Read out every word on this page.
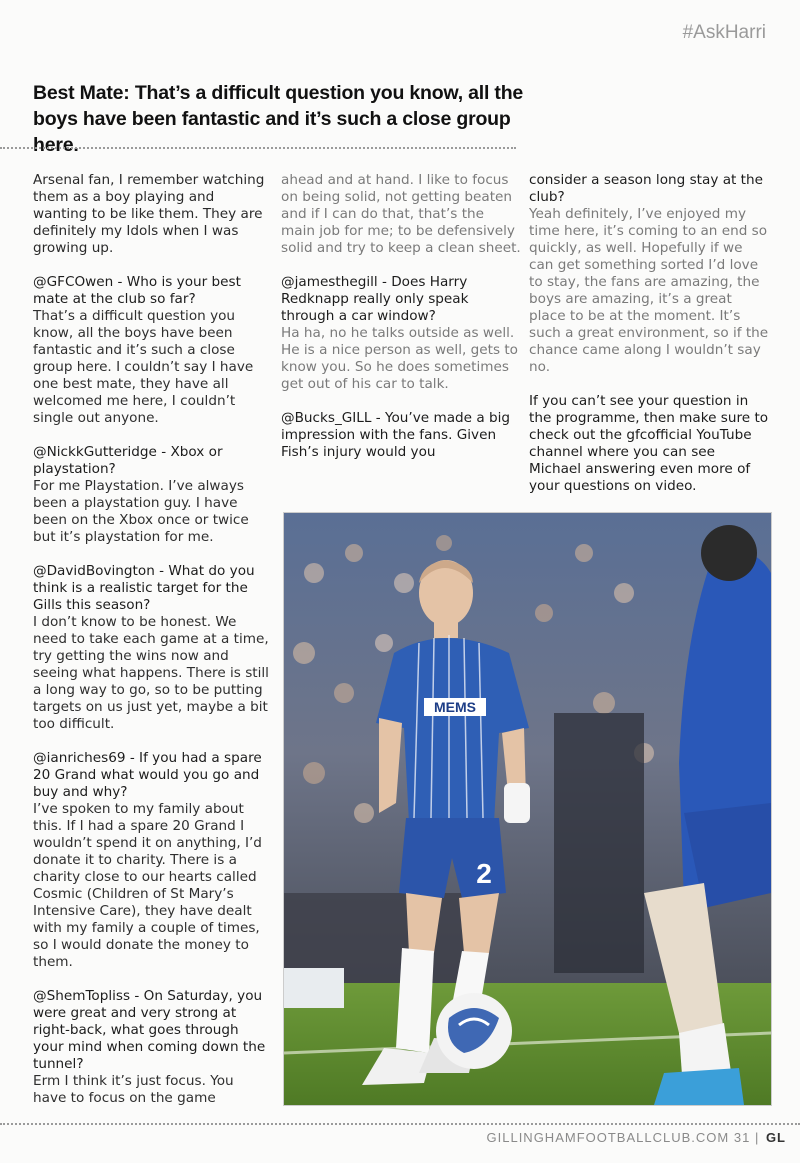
#AskHarri
Best Mate: That’s a difficult question you know, all the boys have been fantastic and it’s such a close group here.

Arsenal fan, I remember watching them as a boy playing and wanting to be like them. They are definitely my Idols when I was growing up.

@GFCOwen - Who is your best mate at the club so far?
That’s a difficult question you know, all the boys have been fantastic and it’s such a close group here. I couldn’t say I have one best mate, they have all welcomed me here, I couldn’t single out anyone.

@NickkGutteridge - Xbox or playstation?
For me Playstation. I’ve always been a playstation guy. I have been on the Xbox once or twice but it’s playstation for me.

@DavidBovington - What do you think is a realistic target for the Gills this season?
I don’t know to be honest. We need to take each game at a time, try getting the wins now and seeing what happens. There is still a long way to go, so to be putting targets on us just yet, maybe a bit too difficult.

@ianriches69 - If you had a spare 20 Grand what would you go and buy and why?
I’ve spoken to my family about this. If I had a spare 20 Grand I wouldn’t spend it on anything, I’d donate it to charity. There is a charity close to our hearts called Cosmic (Children of St Mary’s Intensive Care), they have dealt with my family a couple of times, so I would donate the money to them.

@ShemTopliss - On Saturday, you were great and very strong at right-back, what goes through your mind when coming down the tunnel?
Erm I think it’s just focus. You have to focus on the game

ahead and at hand. I like to focus on being solid, not getting beaten and if I can do that, that’s the main job for me; to be defensively solid and try to keep a clean sheet.

@jamesthegill - Does Harry Redknapp really only speak through a car window?
Ha ha, no he talks outside as well. He is a nice person as well, gets to know you. So he does sometimes get out of his car to talk.

@Bucks_GILL - You’ve made a big impression with the fans. Given Fish’s injury would you

consider a season long stay at the club?
Yeah definitely, I’ve enjoyed my time here, it’s coming to an end so quickly, as well. Hopefully if we can get something sorted I’d love to stay, the fans are amazing, the boys are amazing, it’s a great place to be at the moment. It’s such a great environment, so if the chance came along I wouldn’t say no.

If you can’t see your question in the programme, then make sure to check out the gfcofficial YouTube channel where you can see Michael answering even more of your questions on video.

MEMS
2
GILLINGHAMFOOTBALLCLUB.COM 31 | GL
